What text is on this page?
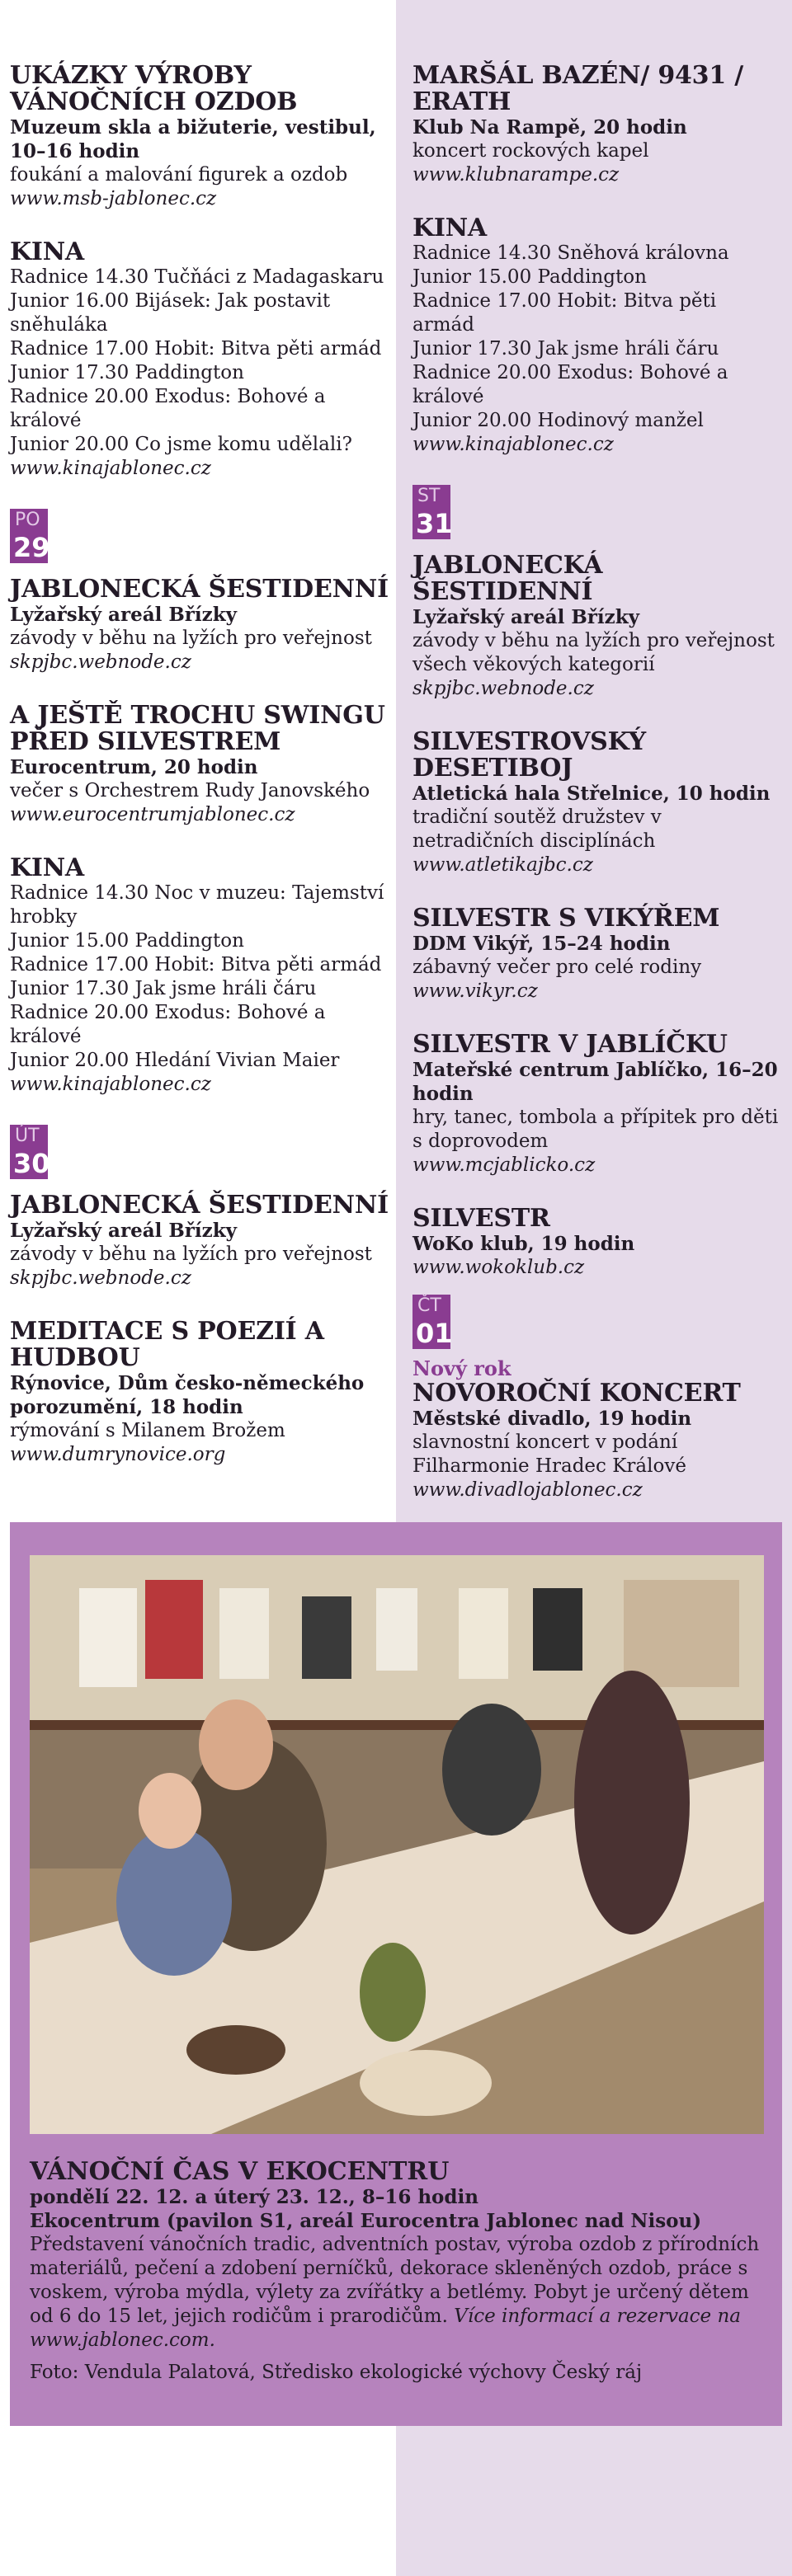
UKÁZKY VÝROBY VÁNOČNÍCH OZDOB
Muzeum skla a bižuterie, vestibul, 10–16 hodin
foukání a malování figurek a ozdob
www.msb-jablonec.cz
KINA
Radnice 14.30 Tučňáci z Madagaskaru
Junior 16.00 Bijásek: Jak postavit sněhuláka
Radnice 17.00 Hobit: Bitva pěti armád
Junior 17.30 Paddington
Radnice 20.00 Exodus: Bohové a králové
Junior 20.00 Co jsme komu udělali?
www.kinajablonec.cz
PO
29
JABLONECKÁ ŠESTIDENNÍ
Lyžařský areál Břízky
závody v běhu na lyžích pro veřejnost
skpjbc.webnode.cz
A JEŠTĚ TROCHU SWINGU PŘED SILVESTREM
Eurocentrum, 20 hodin
večer s Orchestrem Rudy Janovského
www.eurocentrumjablonec.cz
KINA
Radnice 14.30 Noc v muzeu: Tajemství hrobky
Junior 15.00 Paddington
Radnice 17.00 Hobit: Bitva pěti armád
Junior 17.30 Jak jsme hráli čáru
Radnice 20.00 Exodus: Bohové a králové
Junior 20.00 Hledání Vivian Maier
www.kinajablonec.cz
ÚT
30
JABLONECKÁ ŠESTIDENNÍ
Lyžařský areál Břízky
závody v běhu na lyžích pro veřejnost
skpjbc.webnode.cz
MEDITACE S POEZIÍ A HUDBOU
Rýnovice, Dům česko-německého porozumění, 18 hodin
rýmování s Milanem Brožem
www.dumrynovice.org
MARŠÁL BAZÉN/ 9431 / ERATH
Klub Na Rampě, 20 hodin
koncert rockových kapel
www.klubnarampe.cz
KINA
Radnice 14.30 Sněhová královna
Junior 15.00 Paddington
Radnice 17.00 Hobit: Bitva pěti armád
Junior 17.30 Jak jsme hráli čáru
Radnice 20.00 Exodus: Bohové a králové
Junior 20.00 Hodinový manžel
www.kinajablonec.cz
ST
31
JABLONECKÁ ŠESTIDENNÍ
Lyžařský areál Břízky
závody v běhu na lyžích pro veřejnost všech věkových kategorií
skpjbc.webnode.cz
SILVESTROVSKÝ DESETIBOJ
Atletická hala Střelnice, 10 hodin
tradiční soutěž družstev v netradičních disciplínách
www.atletikajbc.cz
SILVESTR S VIKÝŘEM
DDM Vikýř, 15–24 hodin
zábavný večer pro celé rodiny
www.vikyr.cz
SILVESTR V JABLÍČKU
Mateřské centrum Jablíčko, 16–20 hodin
hry, tanec, tombola a přípitek pro děti s doprovodem
www.mcjablicko.cz
SILVESTR
WoKo klub, 19 hodin
www.wokoklub.cz
ČT
01
Nový rok
NOVOROČNÍ KONCERT
Městské divadlo, 19 hodin
slavnostní koncert v podání Filharmonie Hradec Králové
www.divadlojablonec.cz
VÁNOČNÍ ČAS V EKOCENTRU
pondělí 22. 12. a úterý 23. 12., 8–16 hodin
Ekocentrum (pavilon S1, areál Eurocentra Jablonec nad Nisou)
Představení vánočních tradic, adventních postav, výroba ozdob z přírodních materiálů, pečení a zdobení perníčků, dekorace skleněných ozdob, práce s voskem, výroba mýdla, výlety za zvířátky a betlémy. Pobyt je určený dětem od 6 do 15 let, jejich rodičům i prarodičům. Více informací a rezervace na www.jablonec.com.
Foto: Vendula Palatová, Středisko ekologické výchovy Český ráj
